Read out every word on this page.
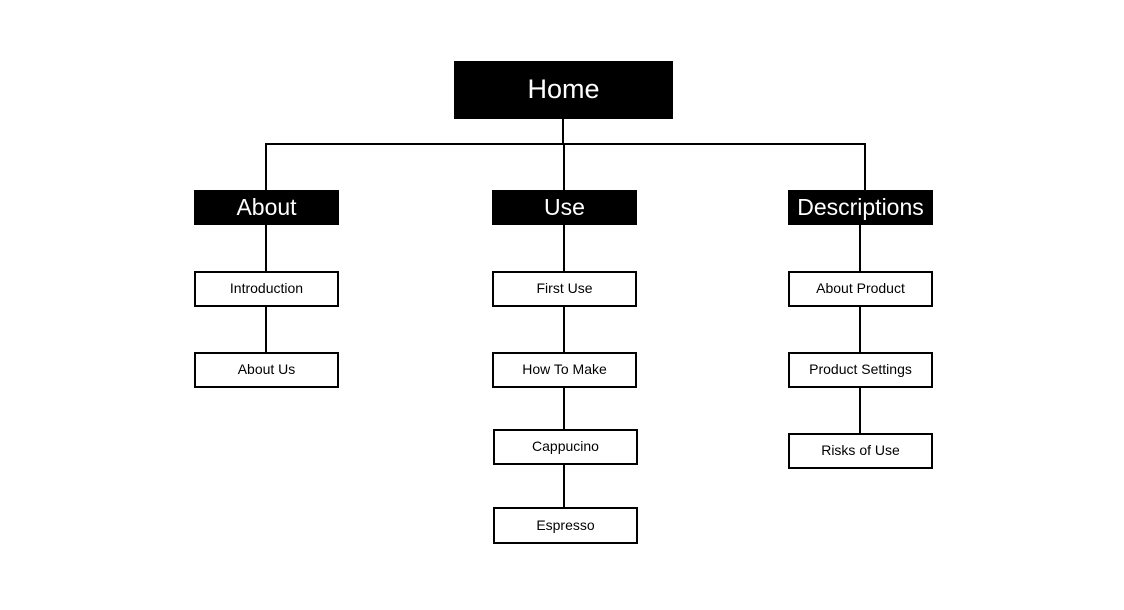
Home
About
Introduction
About Us
Use
First Use
How To Make
Cappucino
Espresso
Descriptions
About Product
Product Settings
Risks of Use
